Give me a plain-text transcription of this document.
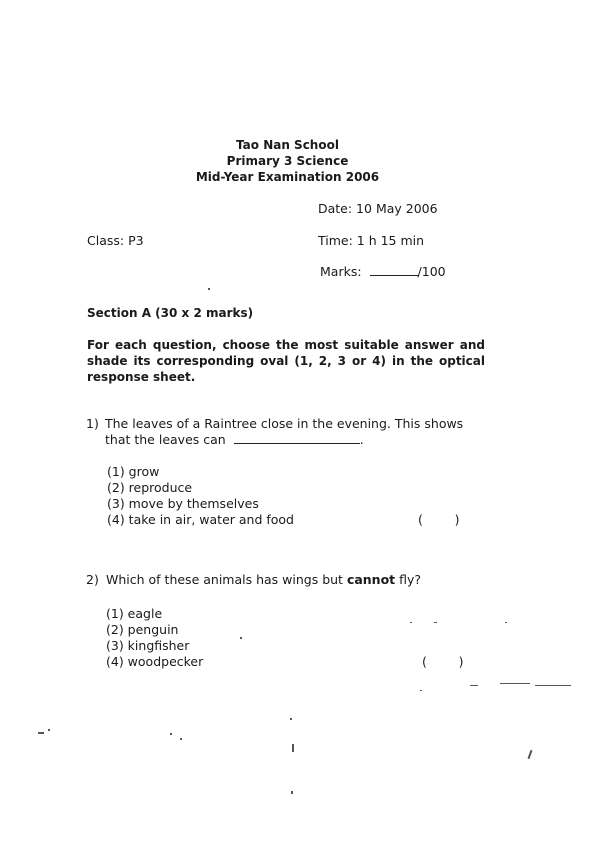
Tao Nan School
Primary 3 Science
Mid-Year Examination 2006
Date: 10 May 2006
Class: P3	Time: 1 h 15 min
Marks:	/100
Section A (30 x 2 marks)
For each question, choose the most suitable answer and shade its corresponding oval (1, 2, 3 or 4) in the optical response sheet.
1) The leaves of a Raintree close in the evening. This shows
that the leaves can	.
(1) grow
(2) reproduce
(3) move by themselves
(4) take in air, water and food	(        )
2) Which of these animals has wings but cannot fly?
(1) eagle
(2) penguin
(3) kingfisher
(4) woodpecker	(        )
